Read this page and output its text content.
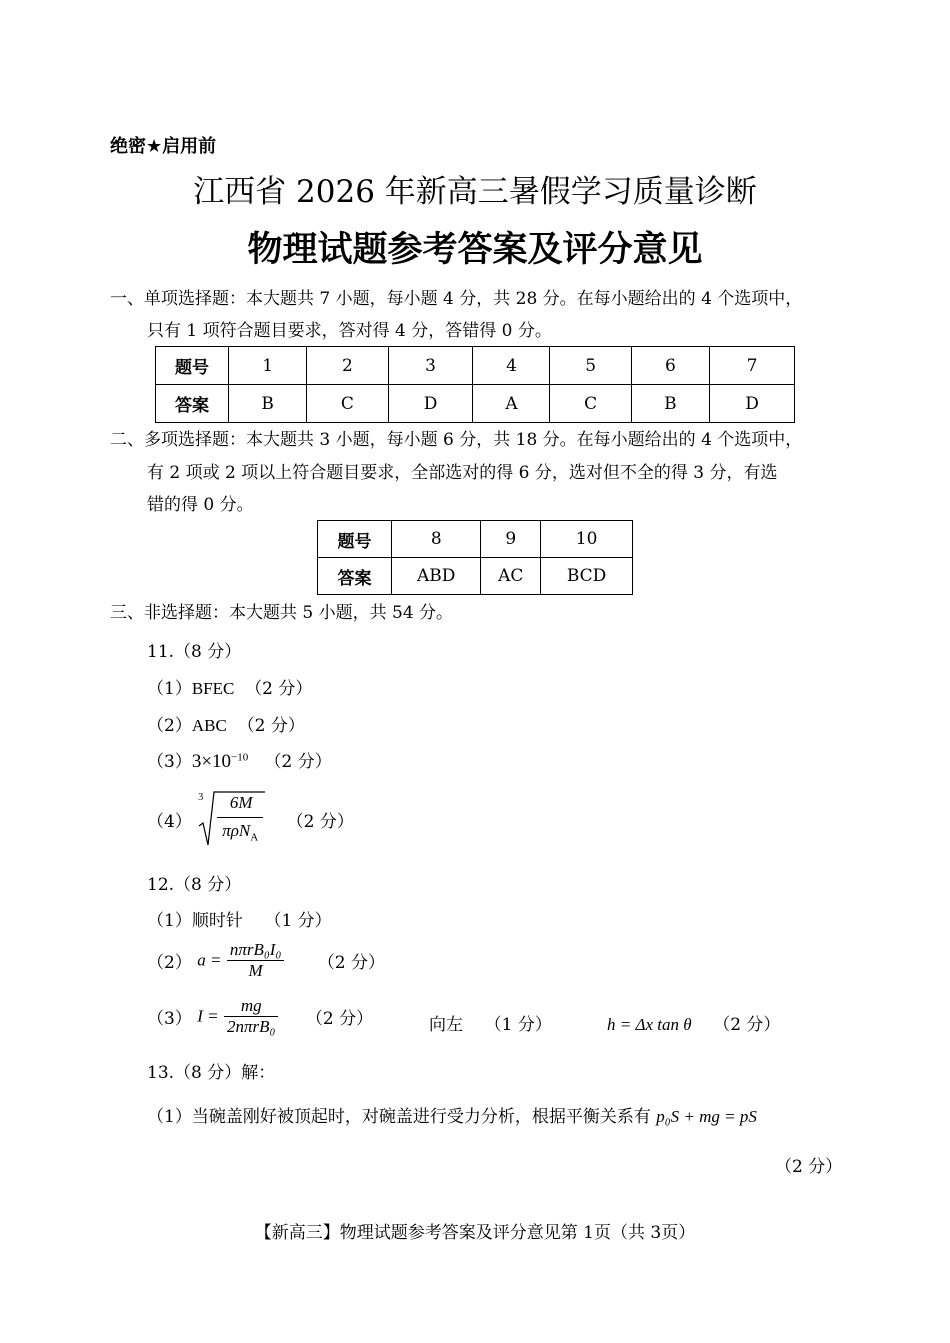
绝密★启用前
江西省 2026 年新高三暑假学习质量诊断
物理试题参考答案及评分意见
一、单项选择题：本大题共 7 小题，每小题 4 分，共 28 分。在每小题给出的 4 个选项中，
只有 1 项符合题目要求，答对得 4 分，答错得 0 分。
题号	1	2	3	4	5	6	7
答案	B	C	D	A	C	B	D
二、多项选择题：本大题共 3 小题，每小题 6 分，共 18 分。在每小题给出的 4 个选项中，
有 2 项或 2 项以上符合题目要求，全部选对的得 6 分，选对但不全的得 3 分，有选
错的得 0 分。
题号	8	9	10
答案	ABD	AC	BCD
三、非选择题：本大题共 5 小题，共 54 分。
11.（8 分）
（1）BFEC （2 分）
（2）ABC （2 分）
$(3)3\times 10^{-10}$ （2 分）
（4）
3	6M
πρN$_A$
（2 分）
12.（8 分）
（1）顺时针 （1 分）
（2） $a = \frac{\text{nπrB₀I₀}}{M} (2$ 分）
（3） $I = \frac{mg}{\text{2nπrB₀}} (2$ 分）	向左 （1 分）	h = Δx tan θ （2 分）
13.（8 分）解：
（1）当碗盖刚好被顶起时，对碗盖进行受力分析，根据平衡关系有 p₀S + mg = pS
（2 分）
【新高三】物理试题参考答案及评分意见第 1页（共 3页）
